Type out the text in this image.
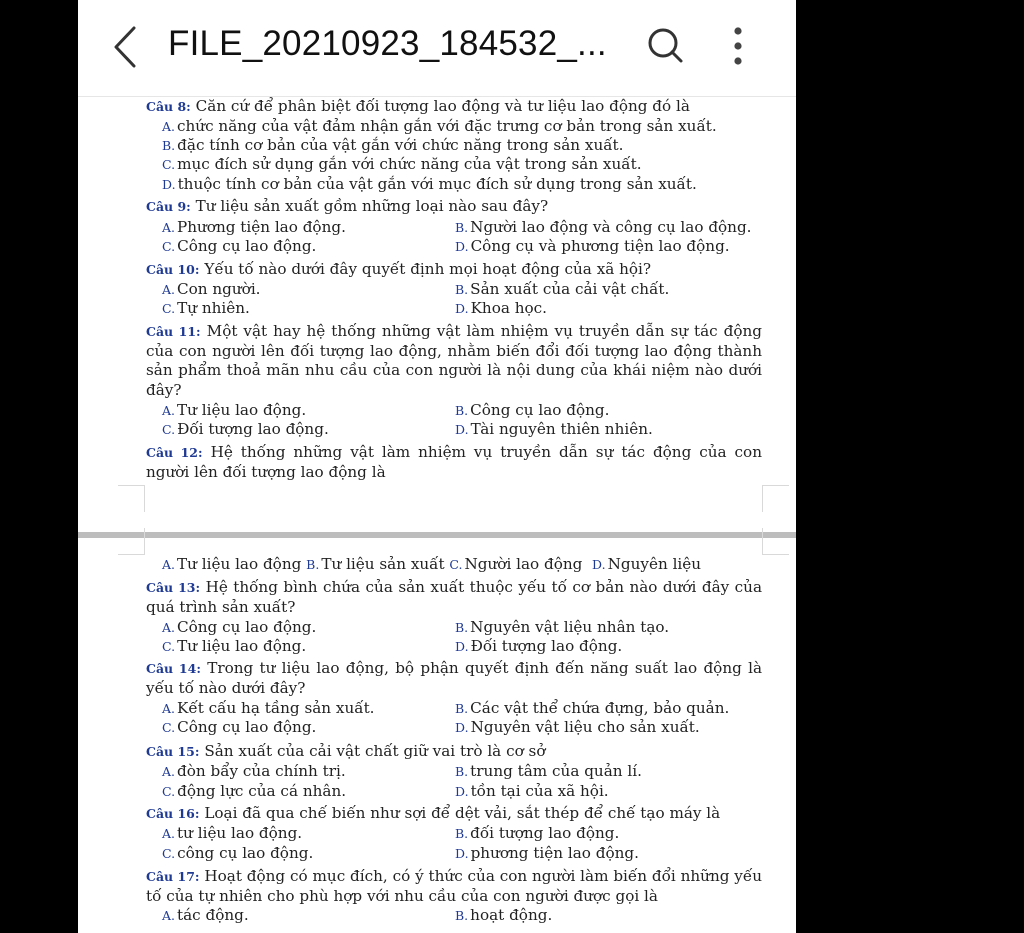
FILE_20210923_184532_...
Câu 8: Căn cứ để phân biệt đối tượng lao động và tư liệu lao động đó là
A. chức năng của vật đảm nhận gắn với đặc trưng cơ bản trong sản xuất.
B. đặc tính cơ bản của vật gắn với chức năng trong sản xuất.
C. mục đích sử dụng gắn với chức năng của vật trong sản xuất.
D. thuộc tính cơ bản của vật gắn với mục đích sử dụng trong sản xuất.
Câu 9: Tư liệu sản xuất gồm những loại nào sau đây?
A. Phương tiện lao động.	B. Người lao động và công cụ lao động.
C. Công cụ lao động.	D. Công cụ và phương tiện lao động.
Câu 10: Yếu tố nào dưới đây quyết định mọi hoạt động của xã hội?
A. Con người.	B. Sản xuất của cải vật chất.
C. Tự nhiên.	D. Khoa học.
Câu 11: Một vật hay hệ thống những vật làm nhiệm vụ truyền dẫn sự tác động của con người lên đối tượng lao động, nhằm biến đổi đối tượng lao động thành sản phẩm thoả mãn nhu cầu của con người là nội dung của khái niệm nào dưới đây?
A. Tư liệu lao động.	B. Công cụ lao động.
C. Đối tượng lao động.	D. Tài nguyên thiên nhiên.
Câu 12: Hệ thống những vật làm nhiệm vụ truyền dẫn sự tác động của con người lên đối tượng lao động là
A. Tư liệu lao động B. Tư liệu sản xuất C. Người lao động D. Nguyên liệu
Câu 13: Hệ thống bình chứa của sản xuất thuộc yếu tố cơ bản nào dưới đây của quá trình sản xuất?
A. Công cụ lao động.	B. Nguyên vật liệu nhân tạo.
C. Tư liệu lao động.	D. Đối tượng lao động.
Câu 14: Trong tư liệu lao động, bộ phận quyết định đến năng suất lao động là yếu tố nào dưới đây?
A. Kết cấu hạ tầng sản xuất.	B. Các vật thể chứa đựng, bảo quản.
C. Công cụ lao động.	D. Nguyên vật liệu cho sản xuất.
Câu 15: Sản xuất của cải vật chất giữ vai trò là cơ sở
A. đòn bẩy của chính trị.	B. trung tâm của quản lí.
C. động lực của cá nhân.	D. tồn tại của xã hội.
Câu 16: Loại đã qua chế biến như sợi để dệt vải, sắt thép để chế tạo máy là
A. tư liệu lao động.	B. đối tượng lao động.
C. công cụ lao động.	D. phương tiện lao động.
Câu 17: Hoạt động có mục đích, có ý thức của con người làm biến đổi những yếu tố của tự nhiên cho phù hợp với nhu cầu của con người được gọi là
A. tác động.	B. hoạt động.
